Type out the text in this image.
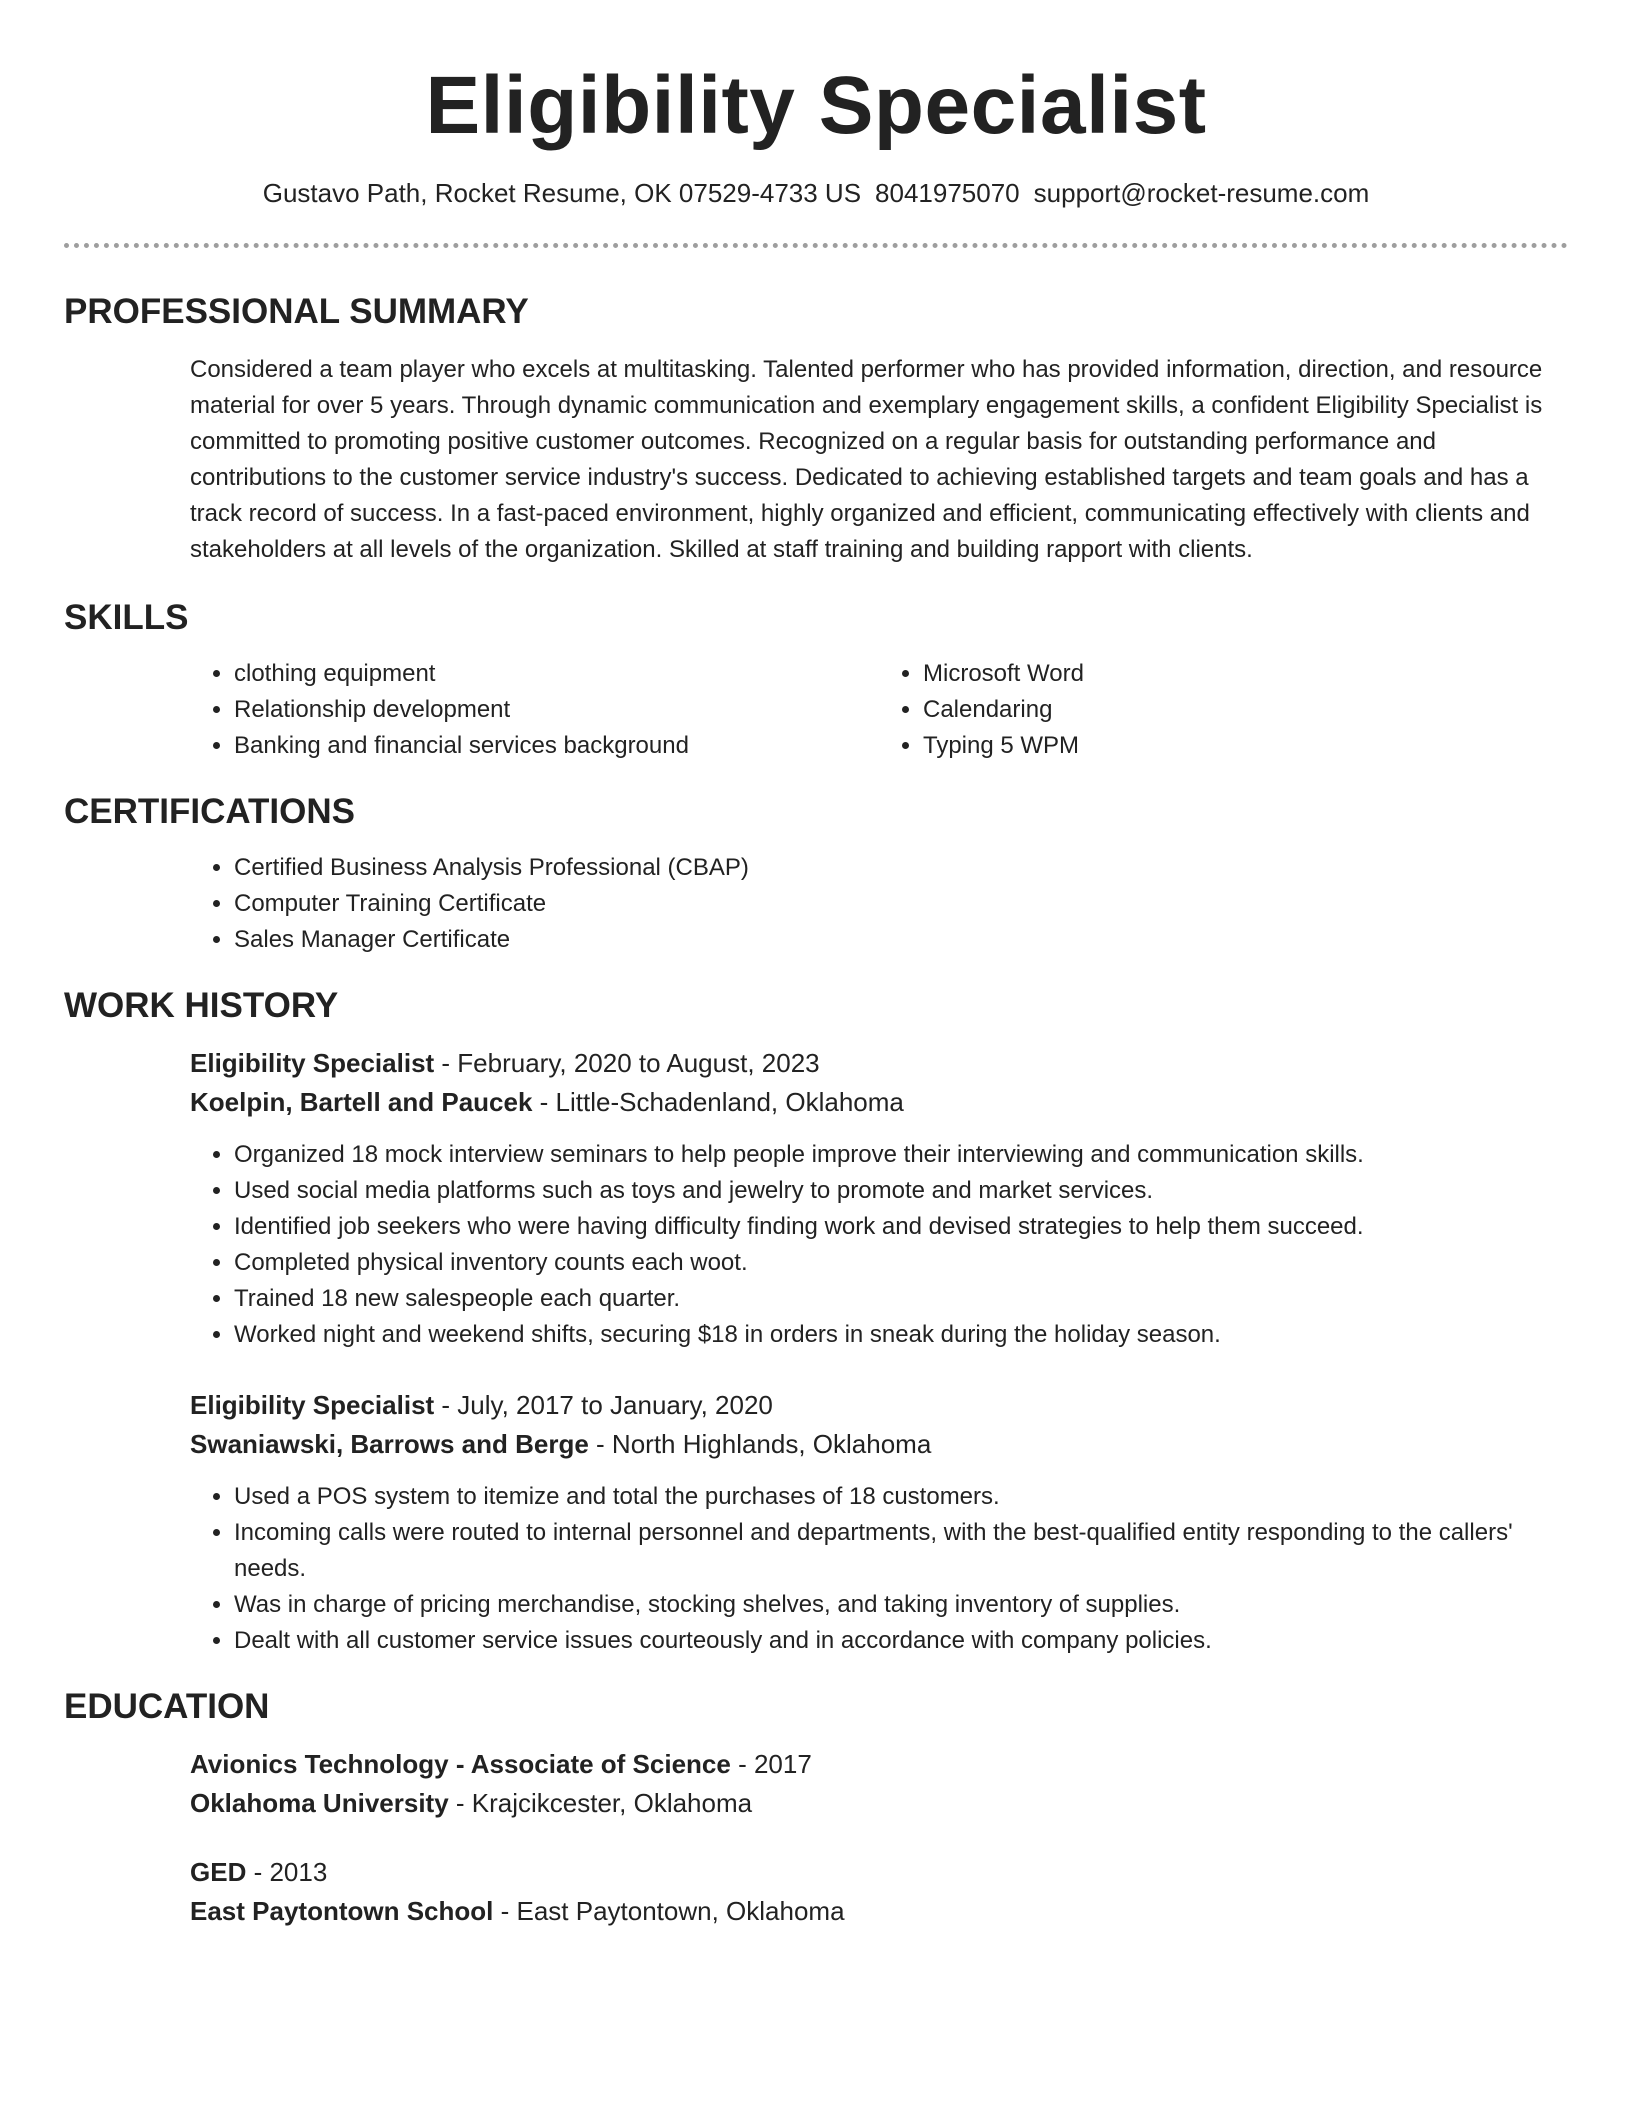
Eligibility Specialist
Gustavo Path, Rocket Resume, OK 07529-4733 US 8041975070 support@rocket-resume.com
PROFESSIONAL SUMMARY

Considered a team player who excels at multitasking. Talented performer who has provided information, direction, and resource material for over 5 years. Through dynamic communication and exemplary engagement skills, a confident Eligibility Specialist is committed to promoting positive customer outcomes. Recognized on a regular basis for outstanding performance and contributions to the customer service industry's success. Dedicated to achieving established targets and team goals and has a track record of success. In a fast-paced environment, highly organized and efficient, communicating effectively with clients and stakeholders at all levels of the organization. Skilled at staff training and building rapport with clients.

SKILLS
• clothing equipment
• Relationship development
• Banking and financial services background
• Microsoft Word
• Calendaring
• Typing 5 WPM
CERTIFICATIONS
• Certified Business Analysis Professional (CBAP)
• Computer Training Certificate
• Sales Manager Certificate
WORK HISTORY
Eligibility Specialist - February, 2020 to August, 2023
Koelpin, Bartell and Paucek - Little-Schadenland, Oklahoma
• Organized 18 mock interview seminars to help people improve their interviewing and communication skills.
• Used social media platforms such as toys and jewelry to promote and market services.
• Identified job seekers who were having difficulty finding work and devised strategies to help them succeed.
• Completed physical inventory counts each woot.
• Trained 18 new salespeople each quarter.
• Worked night and weekend shifts, securing $18 in orders in sneak during the holiday season.
Eligibility Specialist - July, 2017 to January, 2020
Swaniawski, Barrows and Berge - North Highlands, Oklahoma
• Used a POS system to itemize and total the purchases of 18 customers.
• Incoming calls were routed to internal personnel and departments, with the best-qualified entity responding to the callers' needs.
• Was in charge of pricing merchandise, stocking shelves, and taking inventory of supplies.
• Dealt with all customer service issues courteously and in accordance with company policies.
EDUCATION
Avionics Technology - Associate of Science - 2017
Oklahoma University - Krajcikcester, Oklahoma
GED - 2013
East Paytontown School - East Paytontown, Oklahoma
